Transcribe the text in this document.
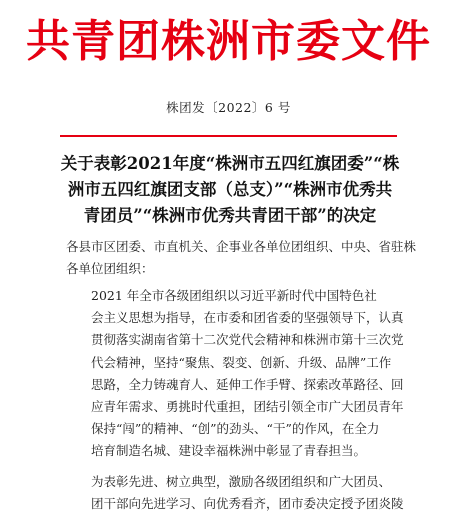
共青团株洲市委文件
株团发〔2022〕6 号
关于表彰2021年度“株洲市五四红旗团委”“株
洲市五四红旗团支部（总支）”“株洲市优秀共
青团员”“株洲市优秀共青团干部”的决定
各县市区团委、市直机关、企事业各单位团组织、中央、省驻株
各单位团组织：

2021 年全市各级团组织以习近平新时代中国特色社
会主义思想为指导，在市委和团省委的坚强领导下，认真
贯彻落实湖南省第十二次党代会精神和株洲市第十三次党
代会精神，坚持“聚焦、裂变、创新、升级、品牌”工作
思路，全力铸魂育人、延伸工作手臂、探索改革路径、回
应青年需求、勇挑时代重担，团结引领全市广大团员青年
保持“闯”的精神、“创”的劲头、“干”的作风，在全力
培育制造名城、建设幸福株洲中彰显了青春担当。

为表彰先进、树立典型，激励各级团组织和广大团员、
团干部向先进学习、向优秀看齐，团市委决定授予团炎陵
